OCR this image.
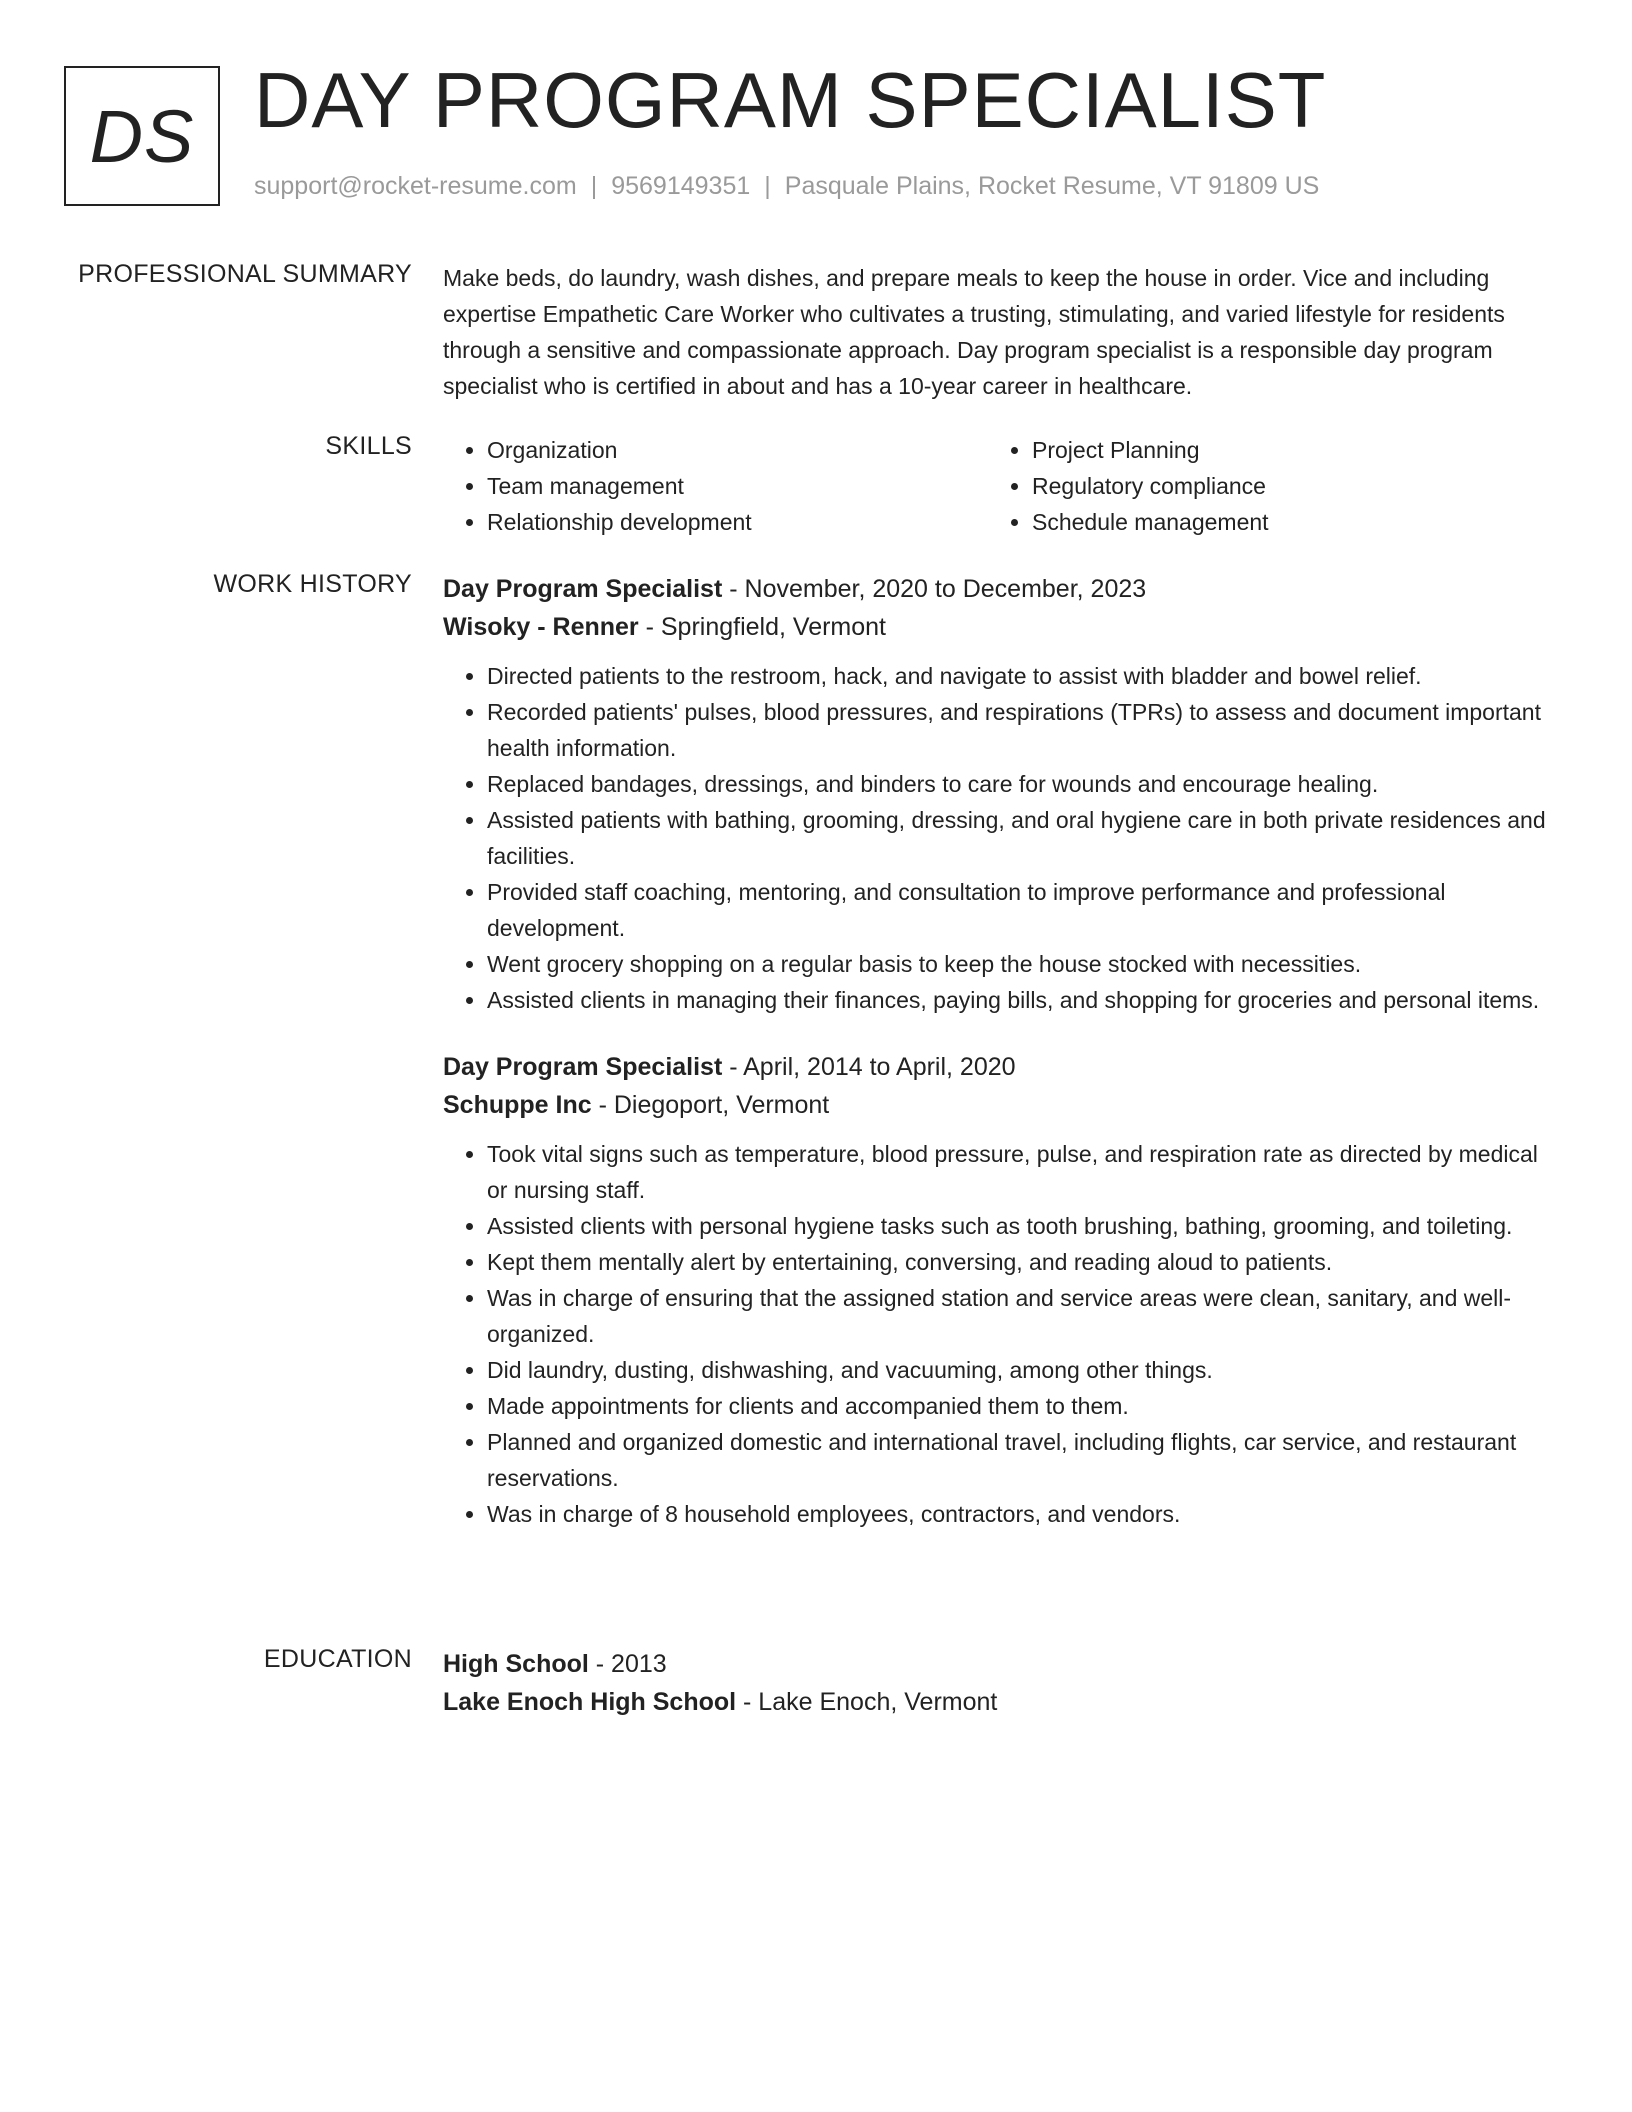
DS DAY PROGRAM SPECIALIST
support@rocket-resume.com | 9569149351 | Pasquale Plains, Rocket Resume, VT 91809 US
PROFESSIONAL SUMMARY Make beds, do laundry, wash dishes, and prepare meals to keep the house in order. Vice and including expertise Empathetic Care Worker who cultivates a trusting, stimulating, and varied lifestyle for residents through a sensitive and compassionate approach. Day program specialist is a responsible day program specialist who is certified in about and has a 10-year career in healthcare.

SKILLS
•	Organization
• Team management
• Relationship development
• Project Planning
• Regulatory compliance
• Schedule management
WORK HISTORY Day Program Specialist - November, 2020 to December, 2023
Wisoky - Renner - Springfield, Vermont
• Directed patients to the restroom, hack, and navigate to assist with bladder and bowel relief.
• Recorded patients' pulses, blood pressures, and respirations (TPRs) to assess and document important health information.
• Replaced bandages, dressings, and binders to care for wounds and encourage healing.
• Assisted patients with bathing, grooming, dressing, and oral hygiene care in both private residences and facilities.
• Provided staff coaching, mentoring, and consultation to improve performance and professional development.
• Went grocery shopping on a regular basis to keep the house stocked with necessities.
• Assisted clients in managing their finances, paying bills, and shopping for groceries and personal items.
Day Program Specialist - April, 2014 to April, 2020
Schuppe Inc - Diegoport, Vermont
• Took vital signs such as temperature, blood pressure, pulse, and respiration rate as directed by medical or nursing staff.
• Assisted clients with personal hygiene tasks such as tooth brushing, bathing, grooming, and toileting.
• Kept them mentally alert by entertaining, conversing, and reading aloud to patients.
• Was in charge of ensuring that the assigned station and service areas were clean, sanitary, and well-organized.
• Did laundry, dusting, dishwashing, and vacuuming, among other things.
• Made appointments for clients and accompanied them to them.
• Planned and organized domestic and international travel, including flights, car service, and restaurant reservations.
• Was in charge of 8 household employees, contractors, and vendors.
EDUCATION High School - 2013
Lake Enoch High School - Lake Enoch, Vermont
